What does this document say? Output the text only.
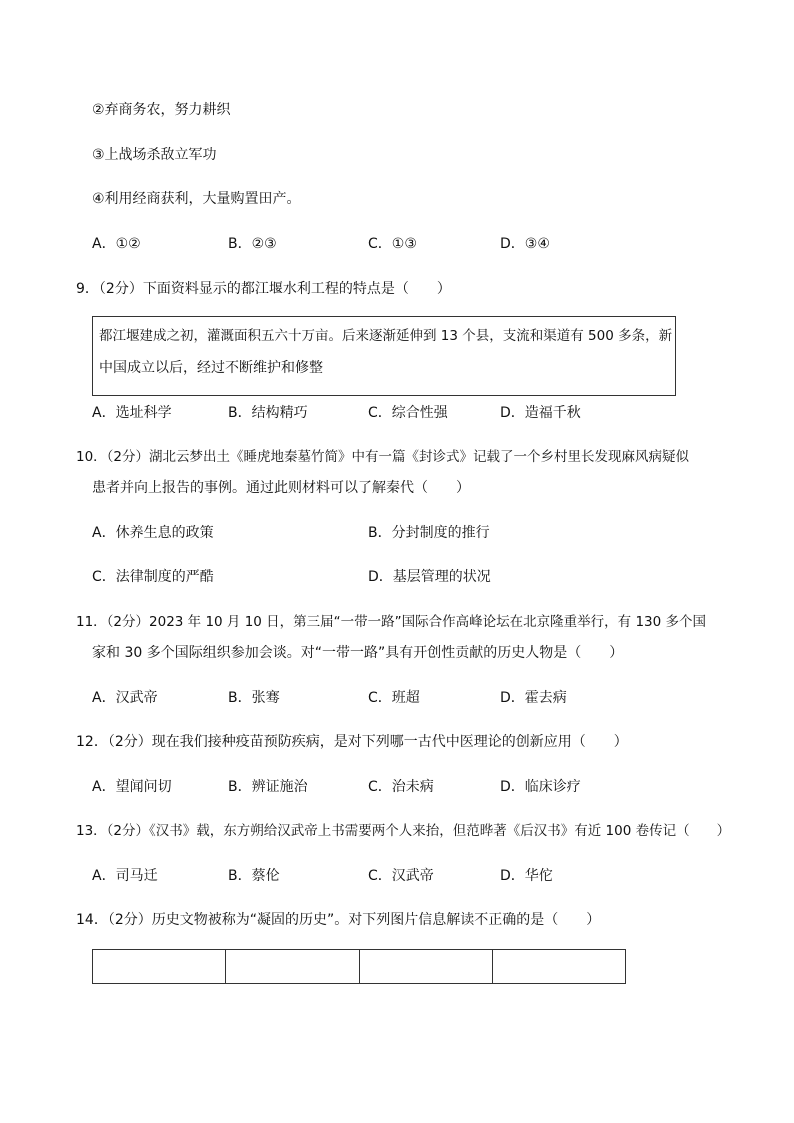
②弃商务农，努力耕织
③上战场杀敌立军功
④利用经商获利，大量购置田产。
A．①②	B．②③	C．①③	D．③④
9．（2分）下面资料显示的都江堰水利工程的特点是（　　）
都江堰建成之初，灌溉面积五六十万亩。后来逐渐延伸到 13 个县，支流和渠道有 500 多条，新
中国成立以后，经过不断维护和修整
A．选址科学	B．结构精巧	C．综合性强	D．造福千秋
10．（2分）湖北云梦出土《睡虎地秦墓竹简》中有一篇《封诊式》记载了一个乡村里长发现麻风病疑似
患者并向上报告的事例。通过此则材料可以了解秦代（　　）
A．休养生息的政策	B．分封制度的推行
C．法律制度的严酷	D．基层管理的状况
11．（2分）2023 年 10 月 10 日，第三届“一带一路”国际合作高峰论坛在北京隆重举行，有 130 多个国
家和 30 多个国际组织参加会谈。对“一带一路”具有开创性贡献的历史人物是（　　）
A．汉武帝	B．张骞	C．班超	D．霍去病
12．（2分）现在我们接种疫苗预防疾病，是对下列哪一古代中医理论的创新应用（　　）
A．望闻问切	B．辨证施治	C．治未病	D．临床诊疗
13．（2分）《汉书》载，东方朔给汉武帝上书需要两个人来抬，但范晔著《后汉书》有近 100 卷传记（　　）
A．司马迁	B．蔡伦	C．汉武帝	D．华佗
14．（2分）历史文物被称为“凝固的历史”。对下列图片信息解读不正确的是（　　）
